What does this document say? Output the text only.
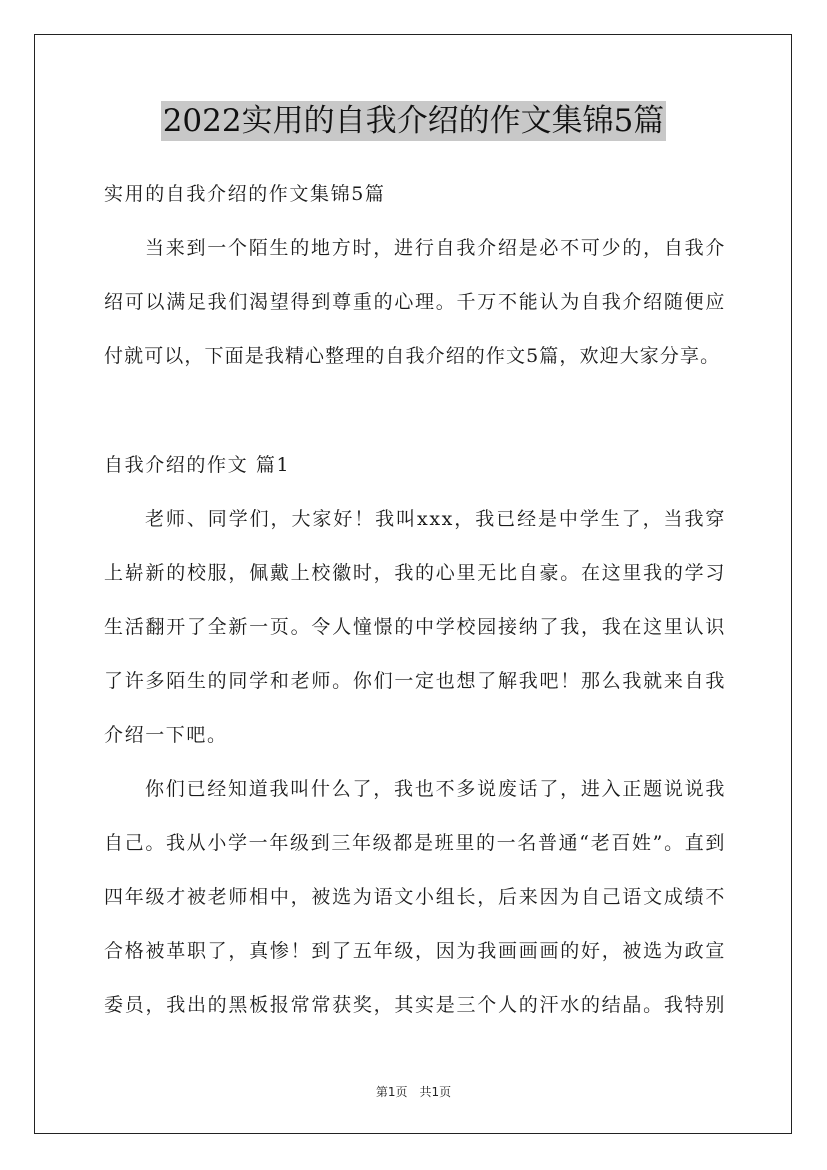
2022实用的自我介绍的作文集锦5篇
实用的自我介绍的作文集锦5篇
当来到一个陌生的地方时，进行自我介绍是必不可少的，自我介
绍可以满足我们渴望得到尊重的心理。千万不能认为自我介绍随便应
付就可以，下面是我精心整理的自我介绍的作文5篇，欢迎大家分享。
自我介绍的作文 篇1
老师、同学们，大家好！我叫xxx，我已经是中学生了，当我穿
上崭新的校服，佩戴上校徽时，我的心里无比自豪。在这里我的学习
生活翻开了全新一页。令人憧憬的中学校园接纳了我，我在这里认识
了许多陌生的同学和老师。你们一定也想了解我吧！那么我就来自我
介绍一下吧。
你们已经知道我叫什么了，我也不多说废话了，进入正题说说我
自己。我从小学一年级到三年级都是班里的一名普通“老百姓”。直到
四年级才被老师相中，被选为语文小组长，后来因为自己语文成绩不
合格被革职了，真惨！到了五年级，因为我画画画的好，被选为政宣
委员，我出的黑板报常常获奖，其实是三个人的汗水的结晶。我特别
第1页 共1页
